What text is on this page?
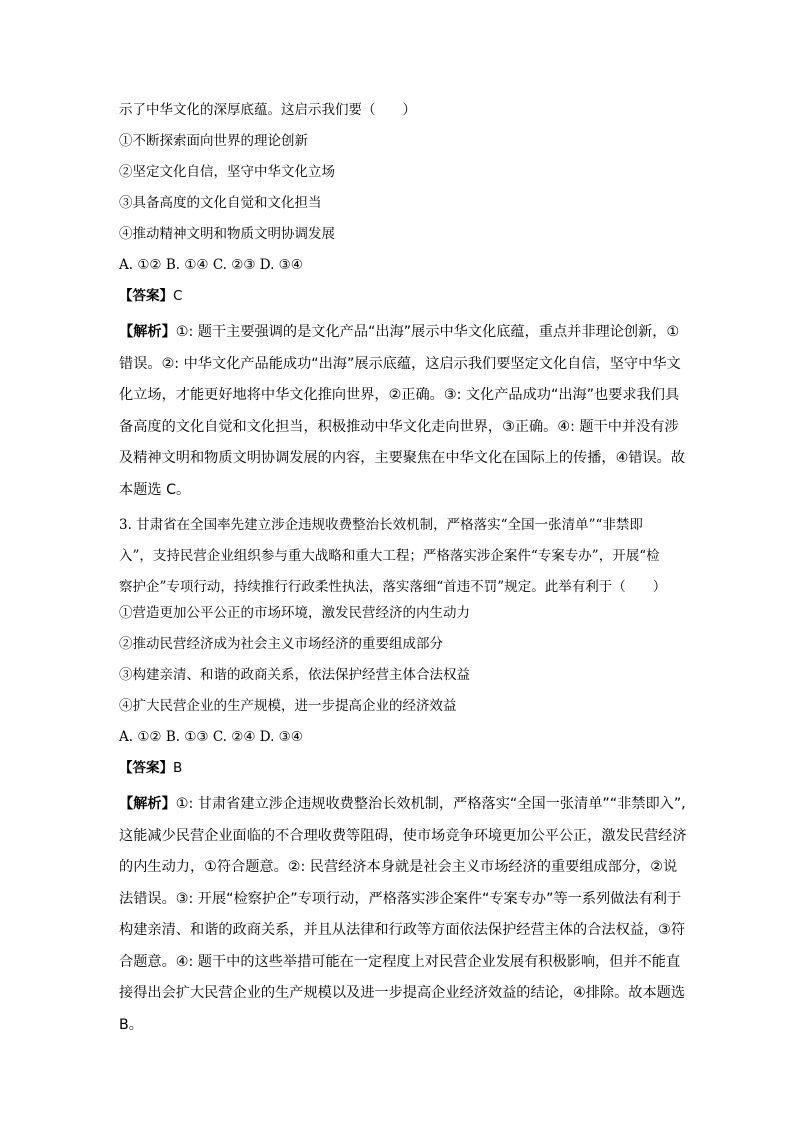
示了中华文化的深厚底蕴。这启示我们要（　　）
①不断探索面向世界的理论创新
②坚定文化自信，坚守中华文化立场
③具备高度的文化自觉和文化担当
④推动精神文明和物质文明协调发展
A. ①② B. ①④ C. ②③ D. ③④
【答案】C
【解析】①: 题干主要强调的是文化产品“出海”展示中华文化底蕴，重点并非理论创新，①
错误。②: 中华文化产品能成功“出海”展示底蕴，这启示我们要坚定文化自信，坚守中华文
化立场，才能更好地将中华文化推向世界，②正确。③: 文化产品成功“出海”也要求我们具
备高度的文化自觉和文化担当，积极推动中华文化走向世界，③正确。④: 题干中并没有涉
及精神文明和物质文明协调发展的内容，主要聚焦在中华文化在国际上的传播，④错误。故
本题选 C。
3. 甘肃省在全国率先建立涉企违规收费整治长效机制，严格落实“全国一张清单”“非禁即
入”，支持民营企业组织参与重大战略和重大工程；严格落实涉企案件“专案专办”，开展“检
察护企”专项行动，持续推行行政柔性执法，落实落细“首违不罚”规定。此举有利于（　　）
①营造更加公平公正的市场环境，激发民营经济的内生动力
②推动民营经济成为社会主义市场经济的重要组成部分
③构建亲清、和谐的政商关系，依法保护经营主体合法权益
④扩大民营企业的生产规模，进一步提高企业的经济效益
A. ①② B. ①③ C. ②④ D. ③④
【答案】B
【解析】①: 甘肃省建立涉企违规收费整治长效机制，严格落实“全国一张清单”“非禁即入”,
这能减少民营企业面临的不合理收费等阻碍，使市场竞争环境更加公平公正，激发民营经济
的内生动力，①符合题意。②: 民营经济本身就是社会主义市场经济的重要组成部分，②说
法错误。③: 开展“检察护企”专项行动，严格落实涉企案件“专案专办”等一系列做法有利于
构建亲清、和谐的政商关系，并且从法律和行政等方面依法保护经营主体的合法权益，③符
合题意。④: 题干中的这些举措可能在一定程度上对民营企业发展有积极影响，但并不能直
接得出会扩大民营企业的生产规模以及进一步提高企业经济效益的结论，④排除。故本题选
B。
